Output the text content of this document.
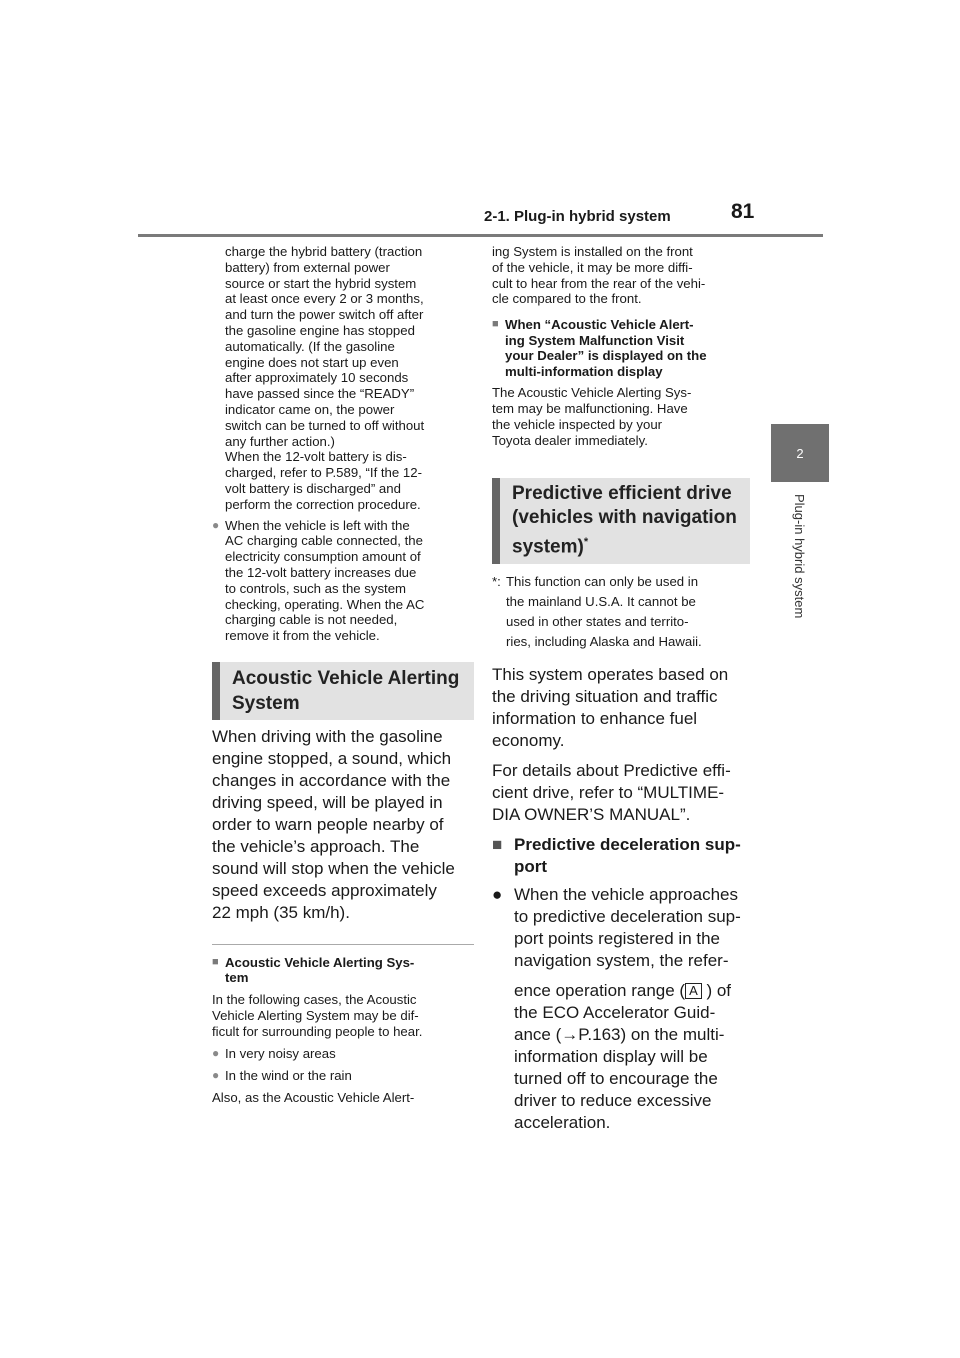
2-1. Plug-in hybrid system	81
2
Plug-in hybrid system
charge the hybrid battery (traction
battery) from external power
source or start the hybrid system
at least once every 2 or 3 months,
and turn the power switch off after
the gasoline engine has stopped
automatically. (If the gasoline
engine does not start up even
after approximately 10 seconds
have passed since the “READY”
indicator came on, the power
switch can be turned to off without
any further action.)
When the 12-volt battery is dis-
charged, refer to P.589, “If the 12-
volt battery is discharged” and
perform the correction procedure.
● When the vehicle is left with the
AC charging cable connected, the
electricity consumption amount of
the 12-volt battery increases due
to controls, such as the system
checking, operating. When the AC
charging cable is not needed,
remove it from the vehicle.
Acoustic Vehicle Alerting
System
When driving with the gasoline
engine stopped, a sound, which
changes in accordance with the
driving speed, will be played in
order to warn people nearby of
the vehicle’s approach. The
sound will stop when the vehicle
speed exceeds approximately
22 mph (35 km/h).
■ Acoustic Vehicle Alerting Sys-
tem
In the following cases, the Acoustic
Vehicle Alerting System may be dif-
ficult for surrounding people to hear.
● In very noisy areas
● In the wind or the rain
Also, as the Acoustic Vehicle Alert-
ing System is installed on the front
of the vehicle, it may be more diffi-
cult to hear from the rear of the vehi-
cle compared to the front.
■ When “Acoustic Vehicle Alert-
ing System Malfunction Visit
your Dealer” is displayed on the
multi-information display
The Acoustic Vehicle Alerting Sys-
tem may be malfunctioning. Have
the vehicle inspected by your
Toyota dealer immediately.
Predictive efficient drive
(vehicles with navigation
system)*
*: This function can only be used in
the mainland U.S.A. It cannot be
used in other states and territo-
ries, including Alaska and Hawaii.
This system operates based on
the driving situation and traffic
information to enhance fuel
economy.
For details about Predictive effi-
cient drive, refer to “MULTIME-
DIA OWNER’S MANUAL”.
■ Predictive deceleration sup-
port
● When the vehicle approaches
to predictive deceleration sup-
port points registered in the
navigation system, the refer-
ence operation range ( A ) of
the ECO Accelerator Guid-
ance (→P.163) on the multi-
information display will be
turned off to encourage the
driver to reduce excessive
acceleration.
